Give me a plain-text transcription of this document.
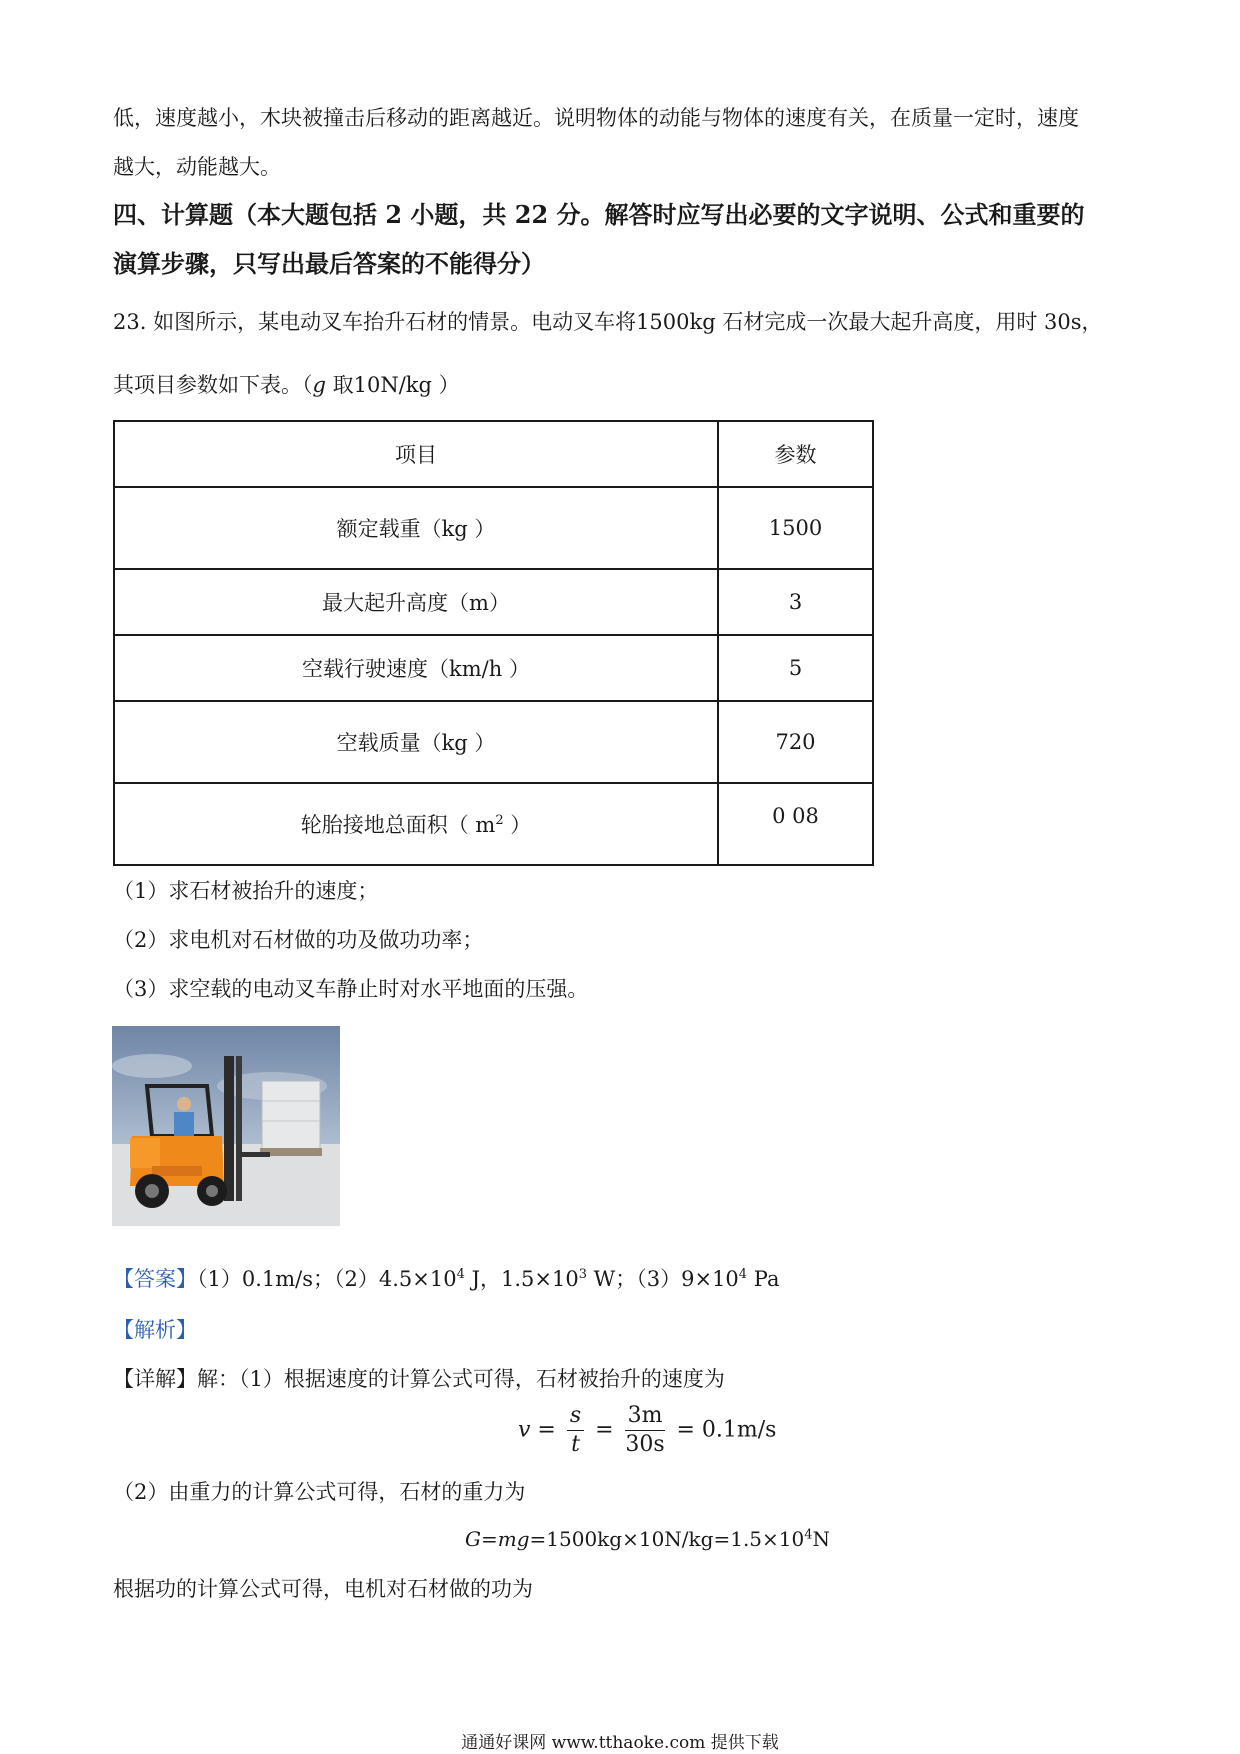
低，速度越小，木块被撞击后移动的距离越近。说明物体的动能与物体的速度有关，在质量一定时，速度
越大，动能越大。
四、计算题（本大题包括 2 小题，共 22 分。解答时应写出必要的文字说明、公式和重要的
演算步骤，只写出最后答案的不能得分）
23. 如图所示，某电动叉车抬升石材的情景。电动叉车将1500kg 石材完成一次最大起升高度，用时 30s，
其项目参数如下表。（g 取10N/kg ）
项目	参数
额定载重（kg ）	1500
最大起升高度（m）	3
空载行驶速度（km/h ）	5
空载质量（kg ）	720
轮胎接地总面积（ $m^2$ ）	0 08
（1）求石材被抬升的速度；
（2）求电机对石材做的功及做功功率；
（3）求空载的电动叉车静止时对水平地面的压强。
【答案】（1）0.1m/s；$(2)4.5\times 10^4$ J，$1.5\times 10^3$ W；$(3)9\times 10^4$ Pa
【解析】
【详解】解：（1）根据速度的计算公式可得，石材被抬升的速度为
$v = \frac{s}{t} = \frac{3m}{30s} = 0.1m/s$
（2）由重力的计算公式可得，石材的重力为
$G=mg=1500kg\times 10N/kg=1.5\times 10^4N$
根据功的计算公式可得，电机对石材做的功为
通通好课网 www.tthaoke.com 提供下载
